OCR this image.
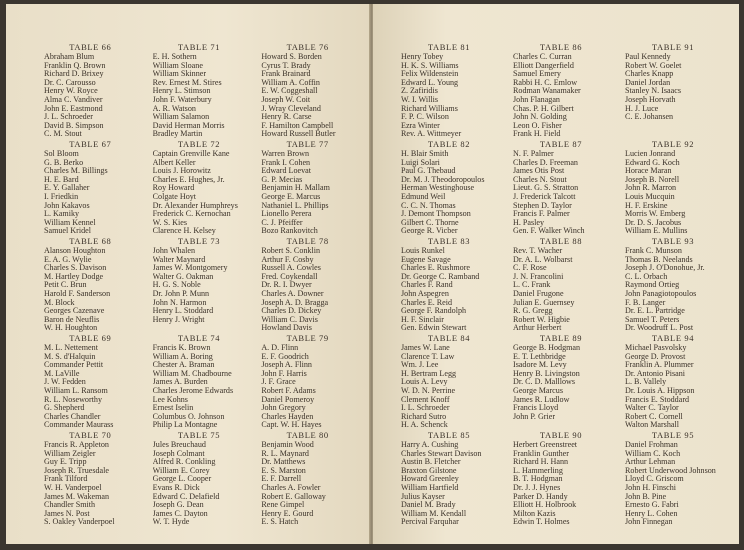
TABLE 66
Abraham Blum
Franklin Q. Brown
Richard D. Brixey
Dr. C. Carousso
Henry W. Royce
Alma C. Vandiver
John E. Eastmond
J. L. Schroeder
David B. Simpson
C. M. Stout
TABLE 71
E. H. Sothern
William Sloane
William Skinner
Rev. Ernest M. Stires
Henry L. Stimson
John F. Waterbury
A. R. Watson
William Salamon
David Herman Morris
Bradley Martin
TABLE 76
Howard S. Borden
Cyrus T. Brady
Frank Brainard
William A. Coffin
E. W. Coggeshall
Joseph W. Coit
J. Wray Cleveland
Henry R. Carse
F. Hamilton Campbell
Howard Russell Butler
TABLE 67
Sol Bloom
G. B. Berko
Charles M. Billings
H. E. Bard
E. Y. Gallaher
I. Friedkin
John Kakavos
L. Kamiky
William Kennel
Samuel Kridel
TABLE 72
Captain Grenville Kane
Albert Keller
Louis J. Horowitz
Charles E. Hughes, Jr.
Roy Howard
Colgate Hoyt
Dr. Alexander Humphreys
Frederick C. Kernochan
W. S. Kies
Clarence H. Kelsey
TABLE 77
Warren Brown
Frank I. Cohen
Edward Loevat
G. P. Mecias
Benjamin H. Mallam
George E. Marcus
Nathaniel L. Phillips
Lionello Perera
C. J. Pfeiffer
Bozo Rankovitch
TABLE 68
Alanson Houghton
E. A. G. Wylie
Charles S. Davison
M. Hartley Dodge
Petit C. Brun
Harold F. Sanderson
M. Block
Georges Cazenave
Baron de Neuflis
W. H. Houghton
TABLE 73
John Whalen
Walter Maynard
James W. Montgomery
Walter G. Oakman
H. G. S. Noble
Dr. John P. Munn
John N. Harmon
Henry L. Stoddard
Henry J. Wright
TABLE 78
Robert S. Conklin
Arthur F. Cosby
Russell A. Cowles
Fred. Coykendall
Dr. R. I. Dwyer
Charles A. Downer
Joseph A. D. Bragga
Charles D. Dickey
William C. Davis
Howland Davis
TABLE 69
M. L. Nettement
M. S. d'Halquin
Commander Pettit
M. LaVille
J. W. Fedden
William L. Ransom
R. L. Noseworthy
G. Shepherd
Charles Chandler
Commander Maurass
TABLE 74
Francis K. Brown
William A. Boring
Chester A. Braman
William M. Chadbourne
James A. Burden
Charles Jerome Edwards
Lee Kohns
Ernest Iselin
Columbus O. Johnson
Philip La Montagne
TABLE 79
A. D. Flinn
E. F. Goodrich
Joseph A. Flinn
John F. Harris
J. F. Grace
Robert F. Adams
Daniel Pomeroy
John Gregory
Charles Hayden
Capt. W. H. Hayes
TABLE 70
Francis R. Appleton
William Zeigler
Guy E. Tripp
Joseph R. Truesdale
Frank Tilford
W. H. Vanderpoel
James M. Wakeman
Chandler Smith
James N. Post
S. Oakley Vanderpoel
TABLE 75
Jules Breuchaud
Joseph Colmant
Alfred R. Conkling
William E. Corey
George L. Cooper
Evans R. Dick
Edward C. Delafield
Joseph G. Dean
James C. Dayton
W. T. Hyde
TABLE 80
Benjamin Wood
R. L. Maynard
Dr. Matthews
E. S. Marston
E. F. Darrell
Charles A. Fowler
Robert E. Galloway
Rene Gimpel
Henry E. Gourd
E. S. Hatch
TABLE 81
Henry Tobey
H. K. S. Williams
Felix Wildenstein
Edward L. Young
Z. Zafiridis
W. I. Willis
Richard Williams
F. P. C. Wilson
Ezra Winter
Rev. A. Wittmeyer
TABLE 86
Charles C. Curran
Elliott Dangerfield
Samuel Emery
Rabbi H. C. Emlow
Rodman Wanamaker
John Flanagan
Chas. P. H. Gilbert
John N. Golding
Leon O. Fisher
Frank H. Field
TABLE 91
Paul Kennedy
Robert W. Goelet
Charles Knapp
Daniel Jordan
Stanley N. Isaacs
Joseph Horvath
H. J. Luce
C. E. Johansen
TABLE 82
H. Blair Smith
Luigi Solari
Paul G. Thebaud
Dr. M. J. Theodoropoulos
Herman Westinghouse
Edmund Weil
C. C. N. Thomas
J. Demont Thompson
Gilbert C. Thorne
George R. Vicber
TABLE 87
N. F. Palmer
Charles D. Freeman
James Otis Post
Charles N. Stout
Lieut. G. S. Stratton
J. Frederick Talcott
Stephen D. Taylor
Francis F. Palmer
H. Pasley
Gen. F. Walker Winch
TABLE 92
Lucien Jonrand
Edward G. Koch
Horace Maran
Joseph B. Norell
John R. Marron
Louis Mucquin
H. F. Erskine
Morris W. Emberg
Dr. D. S. Jacobus
William E. Mullins
TABLE 83
Louis Runkel
Eugene Savage
Charles E. Rushmore
Dr. George C. Ramband
Charles F. Rand
John Aspegren
Charles E. Reid
George F. Randolph
H. F. Sinclair
Gen. Edwin Stewart
TABLE 88
Rev. T. Wacher
Dr. A. L. Wolbarst
C. F. Rose
J. N. Francolini
L. C. Frank
Daniel Frugone
Julian E. Guernsey
R. G. Gregg
Robert W. Higbie
Arthur Herbert
TABLE 93
Frank C. Munson
Thomas B. Neelands
Joseph J. O'Donohue, Jr.
C. L. Orbach
Raymond Ortieg
John Panagiotopoulos
F. B. Langer
Dr. E. L. Partridge
Samuel T. Peters
Dr. Woodruff L. Post
TABLE 84
James W. Lane
Clarence T. Law
Wm. J. Lee
H. Bertram Legg
Louis A. Levy
W. D. N. Perrine
Clement Knoff
I. L. Schroeder
Richard Sutro
H. A. Schenck
TABLE 89
George B. Hodgman
E. T. Lethbridge
Isadore M. Levy
Henry B. Livingston
Dr. C. D. Malllows
George Marcus
James R. Ludlow
Francis Lloyd
John P. Grier
TABLE 94
Michael Pasvolsky
George D. Provost
Franklin A. Plummer
Dr. Antonio Pisani
L. B. Vallely
Dr. Louis A. Hippson
Francis E. Stoddard
Walter C. Taylor
Robert C. Cornell
Walton Marshall
TABLE 85
Harry A. Cushing
Charles Stewart Davison
Austin B. Fletcher
Braxton Gilstone
Howard Greenley
William Hartfield
Julius Kayser
Daniel M. Brady
William M. Kendall
Percival Farquhar
TABLE 90
Herbert Greenstreet
Franklin Gunther
Richard H. Hann
L. Hammerling
B. T. Hodgman
Dr. J. J. Hynes
Parker D. Handy
Elliott H. Holbrook
Milton Kazis
Edwin T. Holmes
TABLE 95
Daniel Frohman
William C. Koch
Arthur Lehman
Robert Underwood Johnson
Lloyd C. Griscom
John H. Finschi
John B. Pine
Ernesto G. Fabri
Henry L. Cohen
John Finnegan
